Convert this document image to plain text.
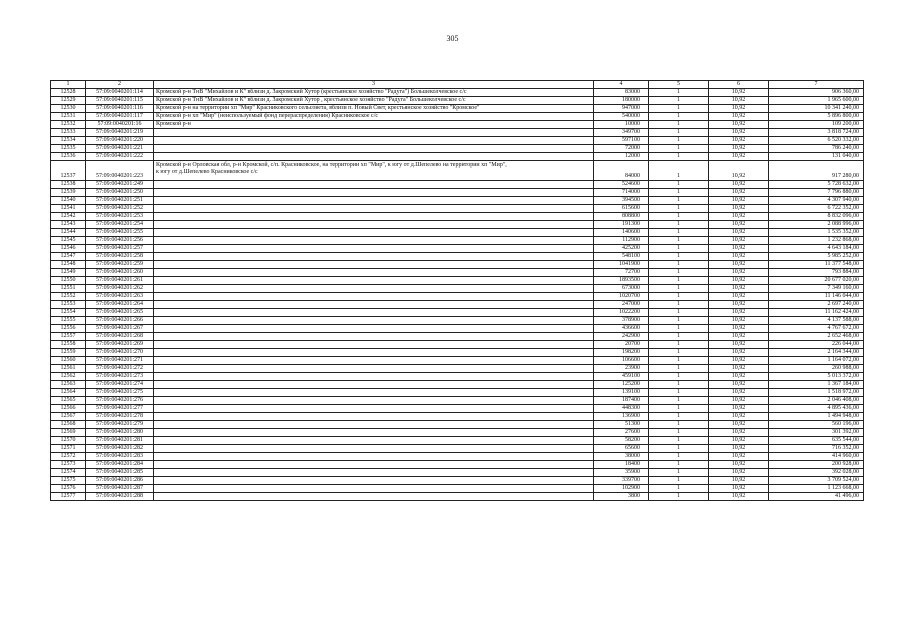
305
1	2	3	4	5	6	7
12528	57:09:0040201:114	Кромской р-н ТнВ "Михайлов и К" вблизи д. Закромский Хутор (крестьянское хозяйство "Радуга") Большеколчевское с/с	83000	1	10,92	906 360,00
12529	57:09:0040201:115	Кромской р-н ТнВ "Михайлов и К" вблизи д. Закромский Хутор , крестьянское хозяйство "Радуга" Большеколчевское с/с	180000	1	10,92	1 965 600,00
12530	57:09:0040201:116	Кромской р-н на территории хп "Мир" Красниковского сельсовета, вблизи п. Новый Свет, крестьянское хозяйство "Кромское"	947000	1	10,92	10 341 240,00
12531	57:09:0040201:117	Кромской р-н хп "Мир" (неиспользуемый фонд перераспределения) Красниковское с/с	540000	1	10,92	5 896 800,00
12532	57:09:0040201:16	Кромской р-н	10000	1	10,92	109 200,00
12533	57:09:0040201:219		349700	1	10,92	3 818 724,00
12534	57:09:0040201:220		597100	1	10,92	6 520 332,00
12535	57:09:0040201:221		72000	1	10,92	786 240,00
12536	57:09:0040201:222		12000	1	10,92	131 040,00
12537	57:09:0040201:223	Кромской р-н Орловская обл, р-н Кромской, с/п. Красниковское, на территории хп "Мир", к югу от д.Шепелево на территории хп "Мир",
к югу от д.Шепелево Красниковское с/с	84000	1	10,92	917 280,00
12538	57:09:0040201:249		524600	1	10,92	5 728 632,00
12539	57:09:0040201:250		714000	1	10,92	7 796 880,00
12540	57:09:0040201:251		394500	1	10,92	4 307 940,00
12541	57:09:0040201:252		615600	1	10,92	6 722 352,00
12542	57:09:0040201:253		808800	1	10,92	8 832 096,00
12543	57:09:0040201:254		191300	1	10,92	2 088 996,00
12544	57:09:0040201:255		140600	1	10,92	1 535 352,00
12545	57:09:0040201:256		112900	1	10,92	1 232 868,00
12546	57:09:0040201:257		425200	1	10,92	4 643 184,00
12547	57:09:0040201:258		548100	1	10,92	5 985 252,00
12548	57:09:0040201:259		1041900	1	10,92	11 377 548,00
12549	57:09:0040201:260		72700	1	10,92	793 884,00
12550	57:09:0040201:261		1893500	1	10,92	20 677 020,00
12551	57:09:0040201:262		673000	1	10,92	7 349 160,00
12552	57:09:0040201:263		1020700	1	10,92	11 146 044,00
12553	57:09:0040201:264		247000	1	10,92	2 697 240,00
12554	57:09:0040201:265		1022200	1	10,92	11 162 424,00
12555	57:09:0040201:266		378900	1	10,92	4 137 588,00
12556	57:09:0040201:267		436600	1	10,92	4 767 672,00
12557	57:09:0040201:268		242900	1	10,92	2 652 468,00
12558	57:09:0040201:269		20700	1	10,92	226 044,00
12559	57:09:0040201:270		198200	1	10,92	2 164 344,00
12560	57:09:0040201:271		106600	1	10,92	1 164 072,00
12561	57:09:0040201:272		23900	1	10,92	260 988,00
12562	57:09:0040201:273		459100	1	10,92	5 013 372,00
12563	57:09:0040201:274		125200	1	10,92	1 367 184,00
12564	57:09:0040201:275		139100	1	10,92	1 518 972,00
12565	57:09:0040201:276		187400	1	10,92	2 046 408,00
12566	57:09:0040201:277		448300	1	10,92	4 895 436,00
12567	57:09:0040201:278		136900	1	10,92	1 494 948,00
12568	57:09:0040201:279		51300	1	10,92	560 196,00
12569	57:09:0040201:280		27600	1	10,92	301 392,00
12570	57:09:0040201:281		58200	1	10,92	635 544,00
12571	57:09:0040201:282		65600	1	10,92	716 352,00
12572	57:09:0040201:283		38000	1	10,92	414 960,00
12573	57:09:0040201:284		18400	1	10,92	200 928,00
12574	57:09:0040201:285		35900	1	10,92	392 028,00
12575	57:09:0040201:286		339700	1	10,92	3 709 524,00
12576	57:09:0040201:287		102900	1	10,92	1 123 668,00
12577	57:09:0040201:288		3800	1	10,92	41 496,00
